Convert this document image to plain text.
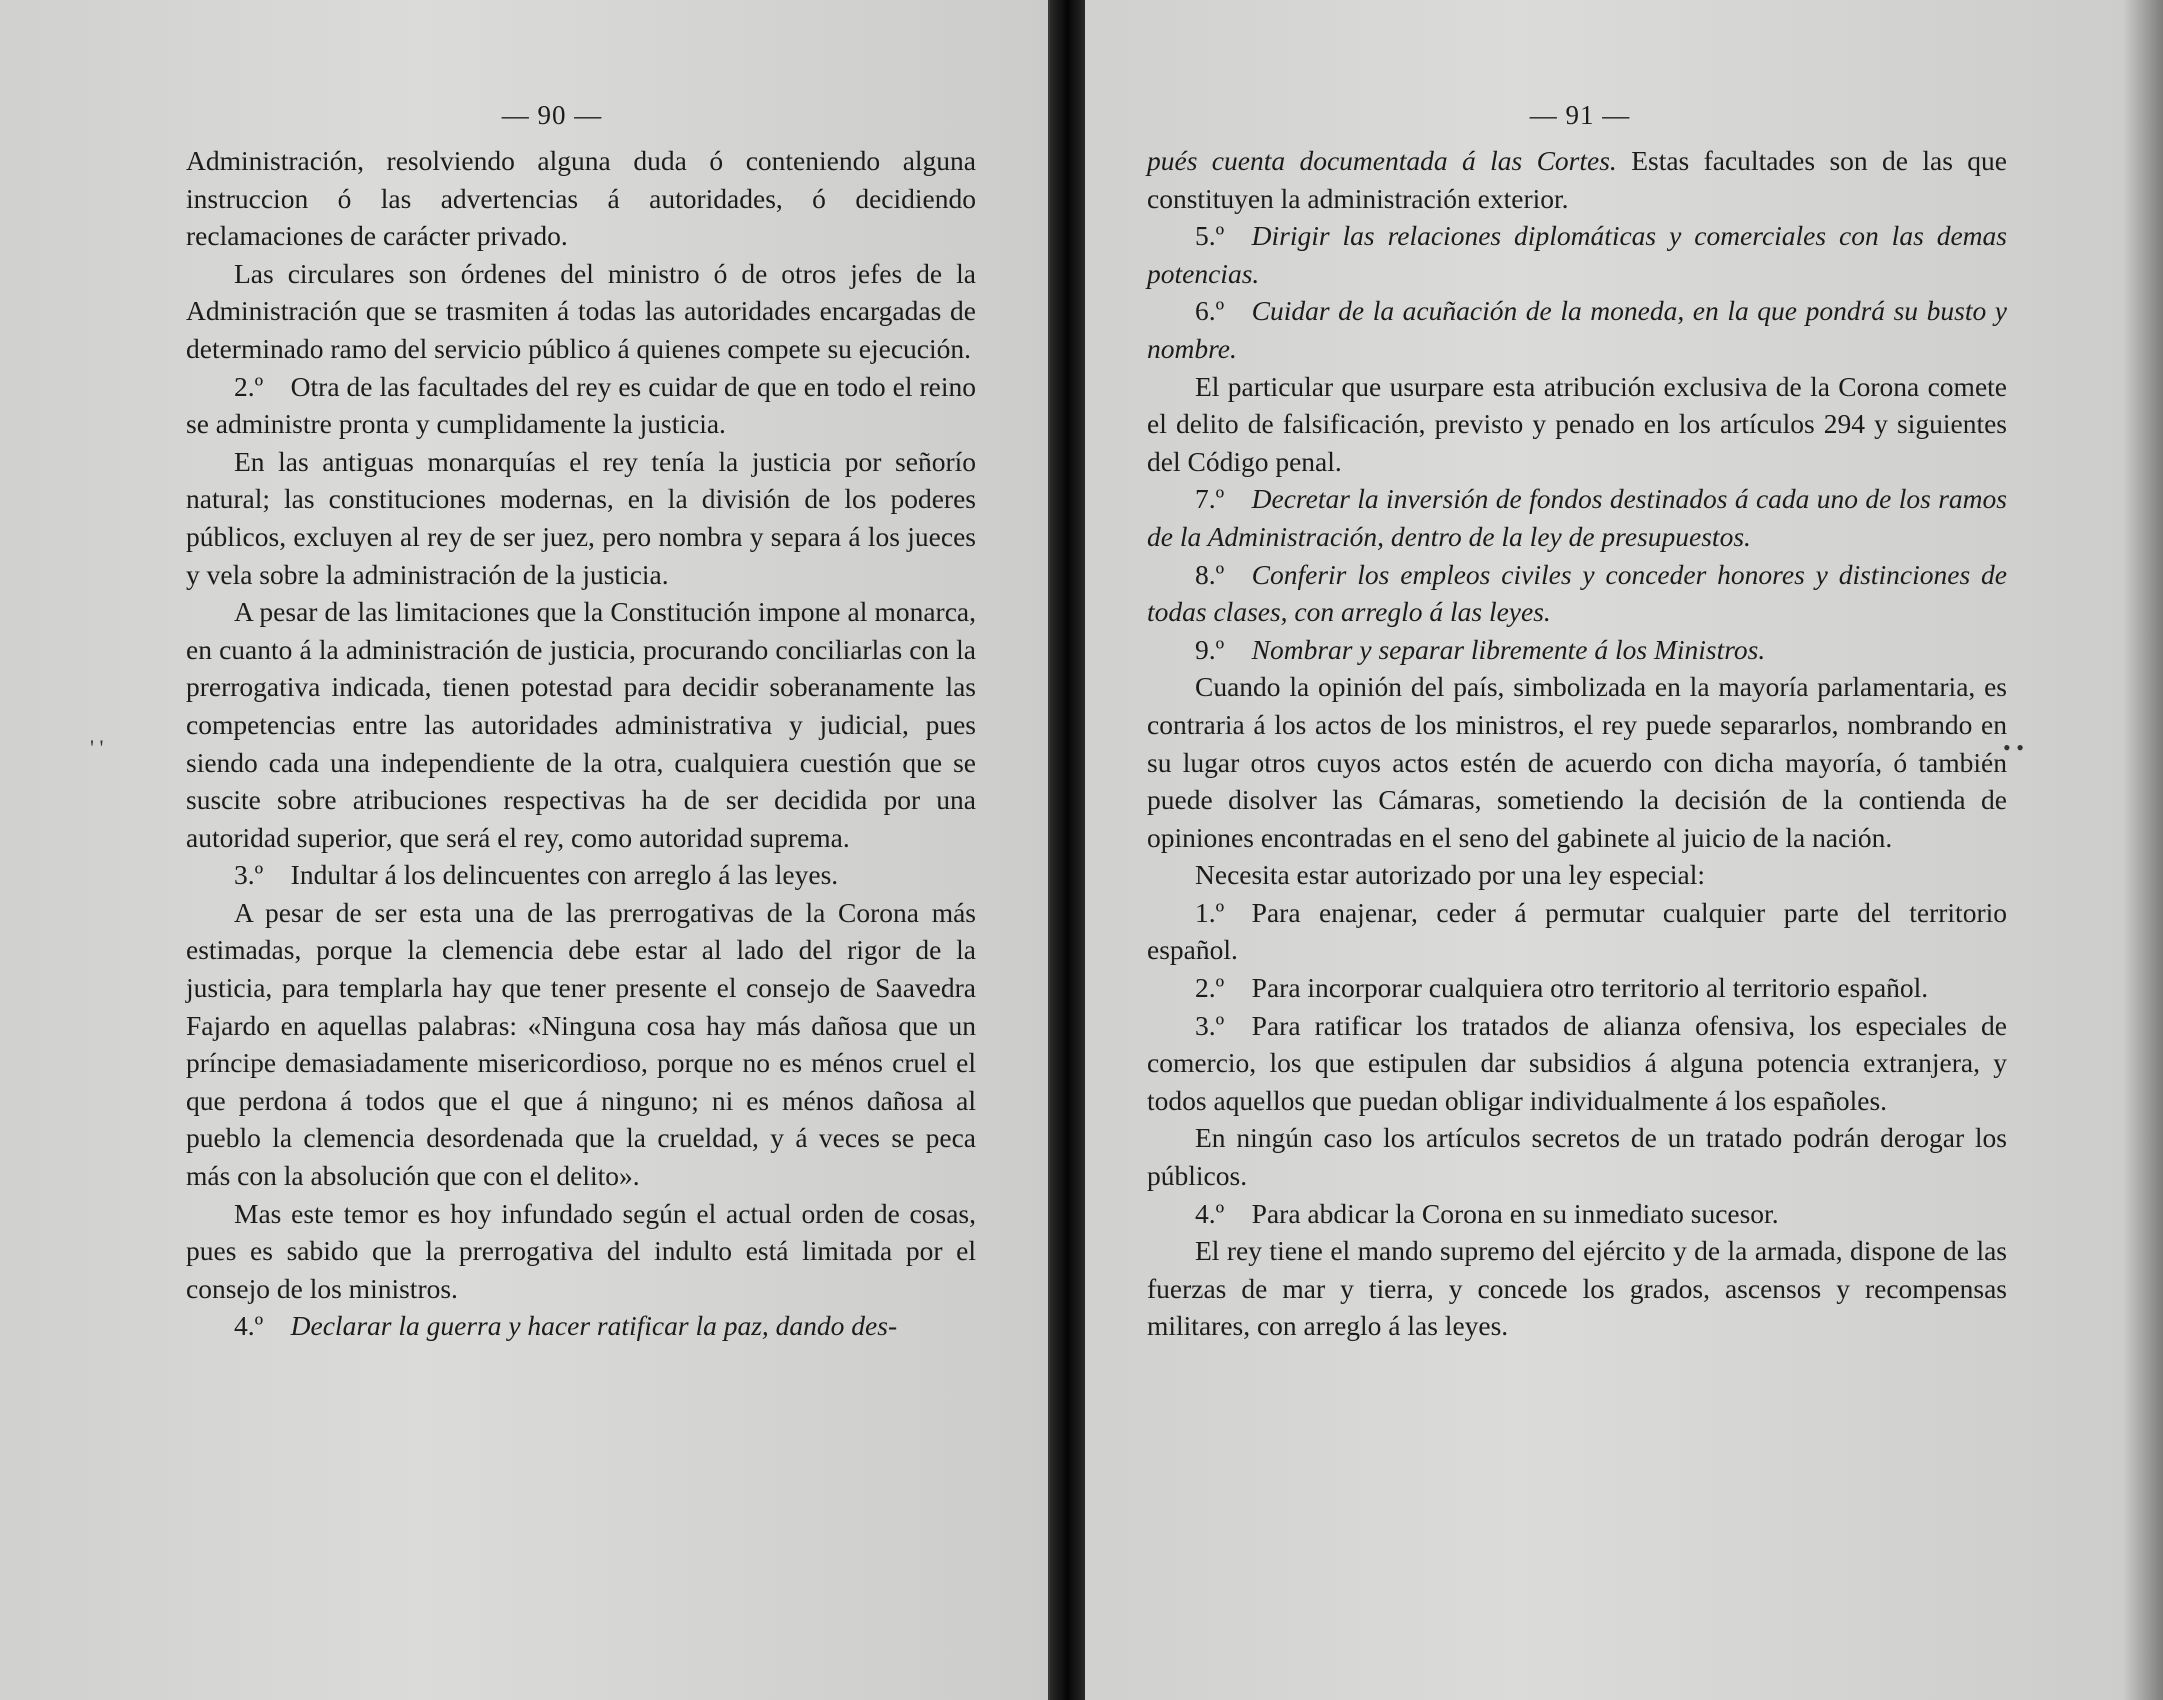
— 90 —

Administración, resolviendo alguna duda ó conteniendo alguna instruccion ó las advertencias á autoridades, ó decidiendo reclamaciones de carácter privado.

Las circulares son órdenes del ministro ó de otros jefes de la Administración que se trasmiten á todas las autoridades encargadas de determinado ramo del servicio público á quienes compete su ejecución.

2.º  Otra de las facultades del rey es cuidar de que en todo el reino se administre pronta y cumplidamente la justicia.

En las antiguas monarquías el rey tenía la justicia por señorío natural; las constituciones modernas, en la división de los poderes públicos, excluyen al rey de ser juez, pero nombra y separa á los jueces y vela sobre la administración de la justicia.

A pesar de las limitaciones que la Constitución impone al monarca, en cuanto á la administración de justicia, procurando conciliarlas con la prerrogativa indicada, tienen potestad para decidir soberanamente las competencias entre las autoridades administrativa y judicial, pues siendo cada una independiente de la otra, cualquiera cuestión que se suscite sobre atribuciones respectivas ha de ser decidida por una autoridad superior, que será el rey, como autoridad suprema.

3.º  Indultar á los delincuentes con arreglo á las leyes.

A pesar de ser esta una de las prerrogativas de la Corona más estimadas, porque la clemencia debe estar al lado del rigor de la justicia, para templarla hay que tener presente el consejo de Saavedra Fajardo en aquellas palabras: «Ninguna cosa hay más dañosa que un príncipe demasiadamente misericordioso, porque no es ménos cruel el que perdona á todos que el que á ninguno; ni es ménos dañosa al pueblo la clemencia desordenada que la crueldad, y á veces se peca más con la absolución que con el delito».

Mas este temor es hoy infundado según el actual orden de cosas, pues es sabido que la prerrogativa del indulto está limitada por el consejo de los ministros.

4.º  Declarar la guerra y hacer ratificar la paz, dando des-

' '
— 91 —

pués cuenta documentada á las Cortes. Estas facultades son de las que constituyen la administración exterior.

5.º  Dirigir las relaciones diplomáticas y comerciales con las demas potencias.

6.º  Cuidar de la acuñación de la moneda, en la que pondrá su busto y nombre.

El particular que usurpare esta atribución exclusiva de la Corona comete el delito de falsificación, previsto y penado en los artículos 294 y siguientes del Código penal.

7.º  Decretar la inversión de fondos destinados á cada uno de los ramos de la Administración, dentro de la ley de presupuestos.

8.º  Conferir los empleos civiles y conceder honores y distinciones de todas clases, con arreglo á las leyes.

9.º  Nombrar y separar libremente á los Ministros.

Cuando la opinión del país, simbolizada en la mayoría parlamentaria, es contraria á los actos de los ministros, el rey puede separarlos, nombrando en su lugar otros cuyos actos estén de acuerdo con dicha mayoría, ó también puede disolver las Cámaras, sometiendo la decisión de la contienda de opiniones encontradas en el seno del gabinete al juicio de la nación.

Necesita estar autorizado por una ley especial:

1.º  Para enajenar, ceder á permutar cualquier parte del territorio español.

2.º  Para incorporar cualquiera otro territorio al territorio español.

3.º  Para ratificar los tratados de alianza ofensiva, los especiales de comercio, los que estipulen dar subsidios á alguna potencia extranjera, y todos aquellos que puedan obligar individualmente á los españoles.

En ningún caso los artículos secretos de un tratado podrán derogar los públicos.

4.º  Para abdicar la Corona en su inmediato sucesor.

El rey tiene el mando supremo del ejército y de la armada, dispone de las fuerzas de mar y tierra, y concede los grados, ascensos y recompensas militares, con arreglo á las leyes.

• •
